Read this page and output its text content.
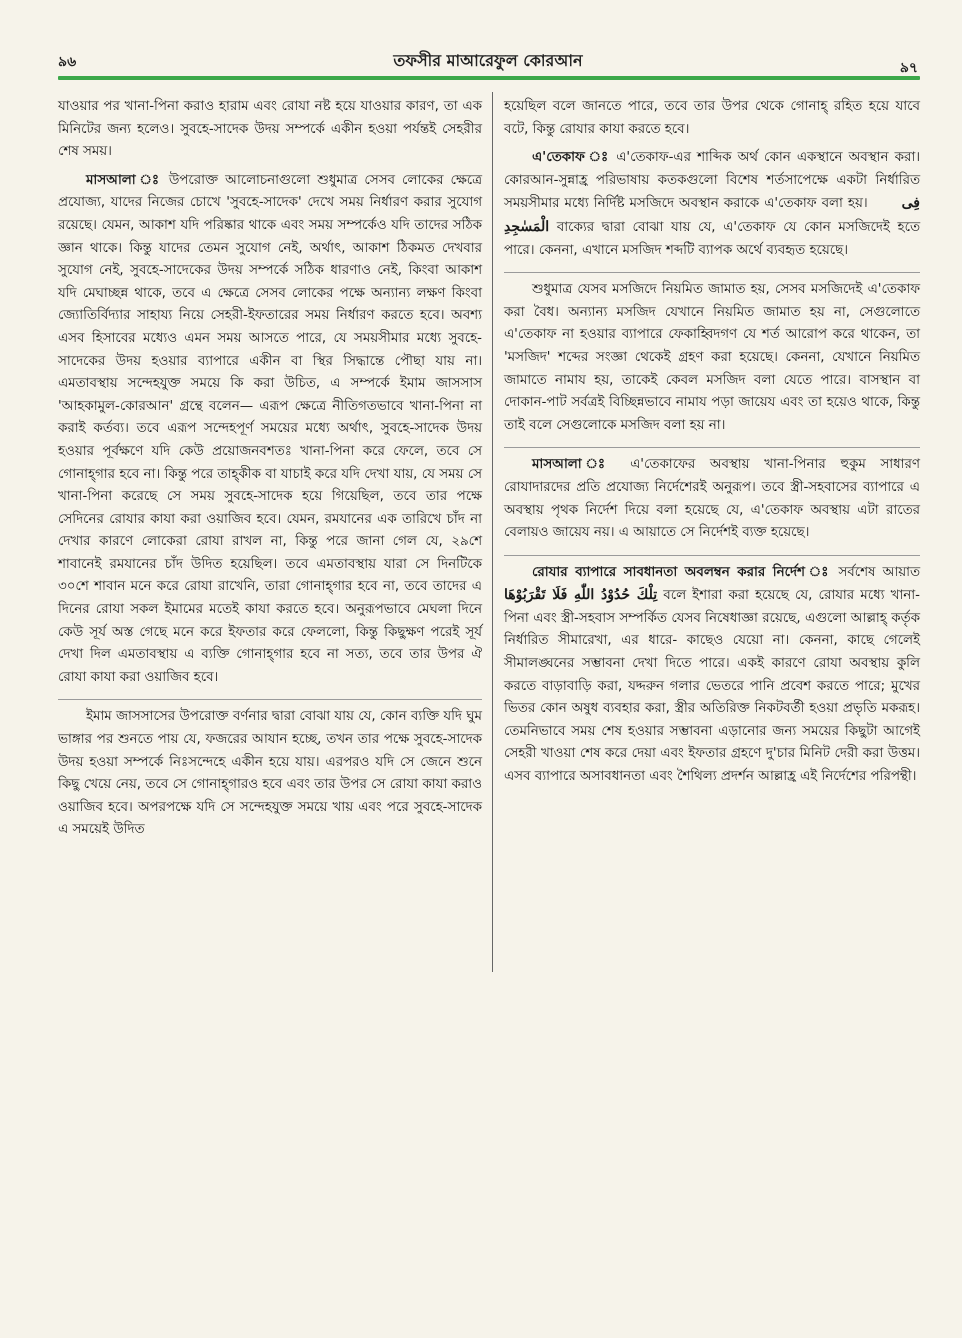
৯৬	তফসীর মাআরেফুল কোরআন	৯৭

যাওয়ার পর খানা-পিনা করাও হারাম এবং রোযা নষ্ট হয়ে যাওয়ার কারণ, তা এক মিনিটের জন্য হলেও। সুবহে-সাদেক উদয় সম্পর্কে একীন হওয়া পর্যন্তই সেহরীর শেষ সময়।

মাসআলা ঃ উপরোক্ত আলোচনাগুলো শুধুমাত্র সেসব লোকের ক্ষেত্রে প্রযোজ্য, যাদের নিজের চোখে 'সুবহে-সাদেক' দেখে সময় নির্ধারণ করার সুযোগ রয়েছে। যেমন, আকাশ যদি পরিষ্কার থাকে এবং সময় সম্পর্কেও যদি তাদের সঠিক জ্ঞান থাকে। কিন্তু যাদের তেমন সুযোগ নেই, অর্থাৎ, আকাশ ঠিকমত দেখবার সুযোগ নেই, সুবহে-সাদেকের উদয় সম্পর্কে সঠিক ধারণাও নেই, কিংবা আকাশ যদি মেঘাচ্ছন্ন থাকে, তবে এ ক্ষেত্রে সেসব লোকের পক্ষে অন্যান্য লক্ষণ কিংবা জ্যোতির্বিদ্যার সাহায্য নিয়ে সেহরী-ইফতারের সময় নির্ধারণ করতে হবে। অবশ্য এসব হিসাবের মধ্যেও এমন সময় আসতে পারে, যে সময়সীমার মধ্যে সুবহে-সাদেকের উদয় হওয়ার ব্যাপারে একীন বা স্থির সিদ্ধান্তে পৌছা যায় না। এমতাবস্থায় সন্দেহযুক্ত সময়ে কি করা উচিত, এ সম্পর্কে ইমাম জাসসাস 'আহকামুল-কোরআন' গ্রন্থে বলেন— এরূপ ক্ষেত্রে নীতিগতভাবে খানা-পিনা না করাই কর্তব্য। তবে এরূপ সন্দেহপূর্ণ সময়ের মধ্যে অর্থাৎ, সুবহে-সাদেক উদয় হওয়ার পূর্বক্ষণে যদি কেউ প্রয়োজনবশতঃ খানা-পিনা করে ফেলে, তবে সে গোনাহ্গার হবে না। কিন্তু পরে তাহ্কীক বা যাচাই করে যদি দেখা যায়, যে সময় সে খানা-পিনা করেছে সে সময় সুবহে-সাদেক হয়ে গিয়েছিল, তবে তার পক্ষে সেদিনের রোযার কাযা করা ওয়াজিব হবে। যেমন, রমযানের এক তারিখে চাঁদ না দেখার কারণে লোকেরা রোযা রাখল না, কিন্তু পরে জানা গেল যে, ২৯শে শাবানেই রমযানের চাঁদ উদিত হয়েছিল। তবে এমতাবস্থায় যারা সে দিনটিকে ৩০শে শাবান মনে করে রোযা রাখেনি, তারা গোনাহ্গার হবে না, তবে তাদের এ দিনের রোযা সকল ইমামের মতেই কাযা করতে হবে। অনুরূপভাবে মেঘলা দিনে কেউ সূর্য অস্ত গেছে মনে করে ইফতার করে ফেললো, কিন্তু কিছুক্ষণ পরেই সূর্য দেখা দিল এমতাবস্থায় এ ব্যক্তি গোনাহ্গার হবে না সত্য, তবে তার উপর ঐ রোযা কাযা করা ওয়াজিব হবে।

ইমাম জাসসাসের উপরোক্ত বর্ণনার দ্বারা বোঝা যায় যে, কোন ব্যক্তি যদি ঘুম ভাঙ্গার পর শুনতে পায় যে, ফজরের আযান হচ্ছে, তখন তার পক্ষে সুবহে-সাদেক উদয় হওয়া সম্পর্কে নিঃসন্দেহে একীন হয়ে যায়। এরপরও যদি সে জেনে শুনে কিছু খেয়ে নেয়, তবে সে গোনাহ্গারও হবে এবং তার উপর সে রোযা কাযা করাও ওয়াজিব হবে। অপরপক্ষে যদি সে সন্দেহযুক্ত সময়ে খায় এবং পরে সুবহে-সাদেক এ সময়েই উদিত

হয়েছিল বলে জানতে পারে, তবে তার উপর থেকে গোনাহ্ রহিত হয়ে যাবে বটে, কিন্তু রোযার কাযা করতে হবে।

এ'তেকাফ ঃ এ'তেকাফ-এর শাব্দিক অর্থ কোন একস্থানে অবস্থান করা। কোরআন-সুন্নাহ্র পরিভাষায় কতকগুলো বিশেষ শর্তসাপেক্ষে একটা নির্ধারিত সময়সীমার মধ্যে নির্দিষ্ট মসজিদে অবস্থান করাকে এ'তেকাফ বলা হয়। فِى الْمَسٰجِدِ বাক্যের দ্বারা বোঝা যায় যে, এ'তেকাফ যে কোন মসজিদেই হতে পারে। কেননা, এখানে মসজিদ শব্দটি ব্যাপক অর্থে ব্যবহৃত হয়েছে।

শুধুমাত্র যেসব মসজিদে নিয়মিত জামাত হয়, সেসব মসজিদেই এ'তেকাফ করা বৈধ। অন্যান্য মসজিদ যেখানে নিয়মিত জামাত হয় না, সেগুলোতে এ'তেকাফ না হওয়ার ব্যাপারে ফেকাহ্বিদগণ যে শর্ত আরোপ করে থাকেন, তা 'মসজিদ' শব্দের সংজ্ঞা থেকেই গ্রহণ করা হয়েছে। কেননা, যেখানে নিয়মিত জামাতে নামায হয়, তাকেই কেবল মসজিদ বলা যেতে পারে। বাসস্থান বা দোকান-পাট সর্বত্রই বিচ্ছিন্নভাবে নামায পড়া জায়েয এবং তা হয়েও থাকে, কিন্তু তাই বলে সেগুলোকে মসজিদ বলা হয় না।

মাসআলা ঃ এ'তেকাফের অবস্থায় খানা-পিনার হুকুম সাধারণ রোযাদারদের প্রতি প্রযোজ্য নির্দেশেরই অনুরূপ। তবে স্ত্রী-সহবাসের ব্যাপারে এ অবস্থায় পৃথক নির্দেশ দিয়ে বলা হয়েছে যে, এ'তেকাফ অবস্থায় এটা রাতের বেলায়ও জায়েয নয়। এ আয়াতে সে নির্দেশই ব্যক্ত হয়েছে।

রোযার ব্যাপারে সাবধানতা অবলম্বন করার নির্দেশ ঃ সর্বশেষ আয়াত تِلْكَ حُدُوْدُ اللّٰهِ فَلَا تَقْرَبُوْهَا বলে ইশারা করা হয়েছে যে, রোযার মধ্যে খানা-পিনা এবং স্ত্রী-সহবাস সম্পর্কিত যেসব নিষেধাজ্ঞা রয়েছে, এগুলো আল্লাহ্ কর্তৃক নির্ধারিত সীমারেখা, এর ধারে- কাছেও যেয়ো না। কেননা, কাছে গেলেই সীমালঙ্ঘনের সম্ভাবনা দেখা দিতে পারে। একই কারণে রোযা অবস্থায় কুলি করতে বাড়াবাড়ি করা, যদ্দরুন গলার ভেতরে পানি প্রবেশ করতে পারে; মুখের ভিতর কোন অষুধ ব্যবহার করা, স্ত্রীর অতিরিক্ত নিকটবর্তী হওয়া প্রভৃতি মকরূহ। তেমনিভাবে সময় শেষ হওয়ার সম্ভাবনা এড়ানোর জন্য সময়ের কিছুটা আগেই সেহরী খাওয়া শেষ করে দেয়া এবং ইফতার গ্রহণে দু'চার মিনিট দেরী করা উত্তম। এসব ব্যাপারে অসাবধানতা এবং শৈথিল্য প্রদর্শন আল্লাহ্র এই নির্দেশের পরিপন্থী।
